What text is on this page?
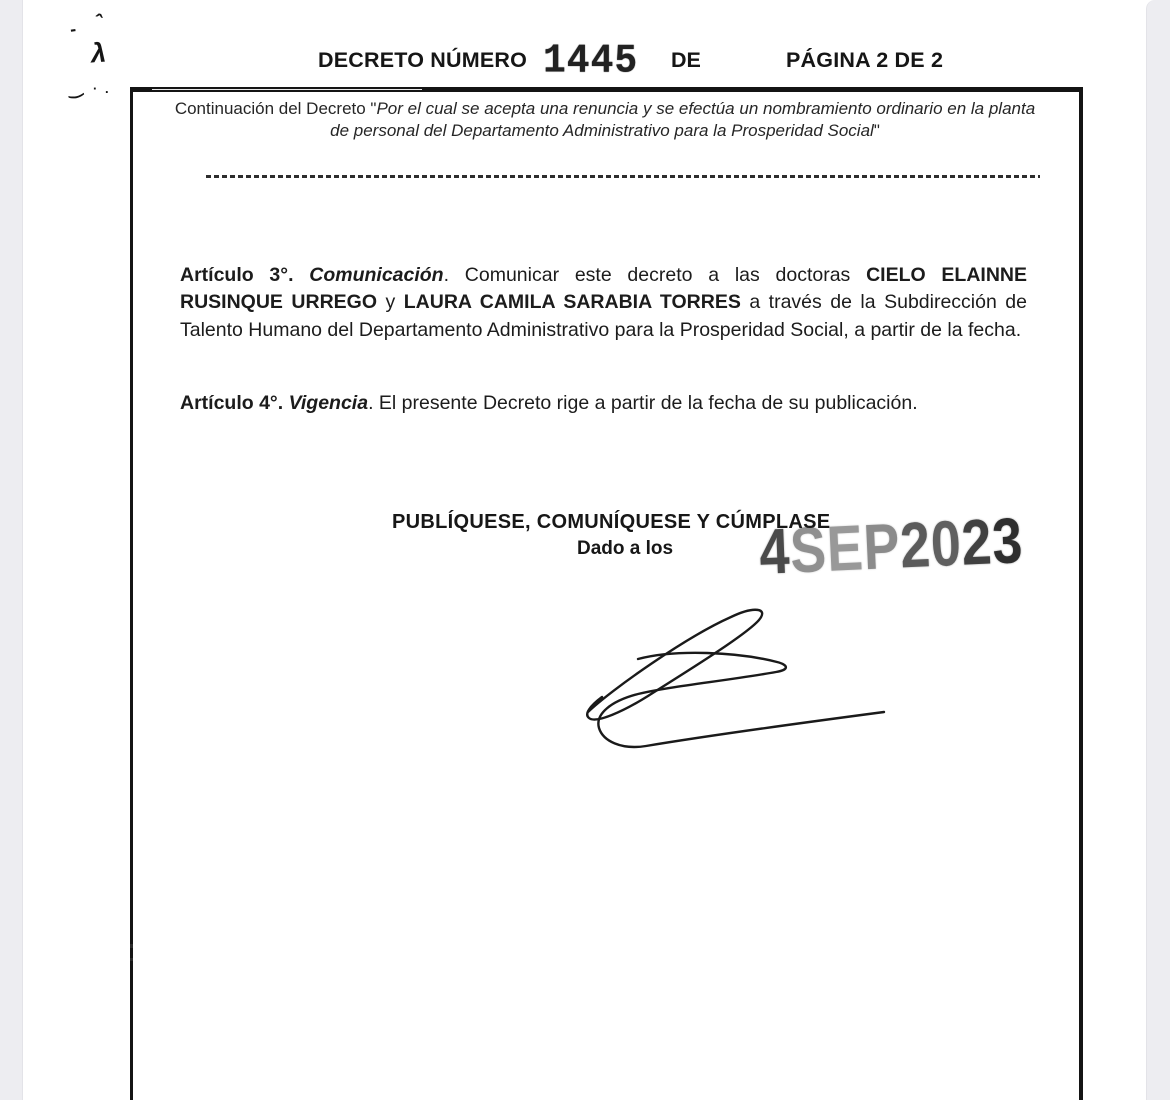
ˆ
-
λ
‿ · .
DECRETO NÚMERO 1445 DE	PÁGINA 2 DE 2
Continuación del Decreto "Por el cual se acepta una renuncia y se efectúa un nombramiento ordinario en la planta de personal del Departamento Administrativo para la Prosperidad Social"

Artículo 3°. Comunicación. Comunicar este decreto a las doctoras CIELO ELAINNE RUSINQUE URREGO y LAURA CAMILA SARABIA TORRES a través de la Subdirección de Talento Humano del Departamento Administrativo para la Prosperidad Social, a partir de la fecha.

Artículo 4°. Vigencia. El presente Decreto rige a partir de la fecha de su publicación.

PUBLÍQUESE, COMUNÍQUESE Y CÚMPLASE
Dado a los 4SEP2023
